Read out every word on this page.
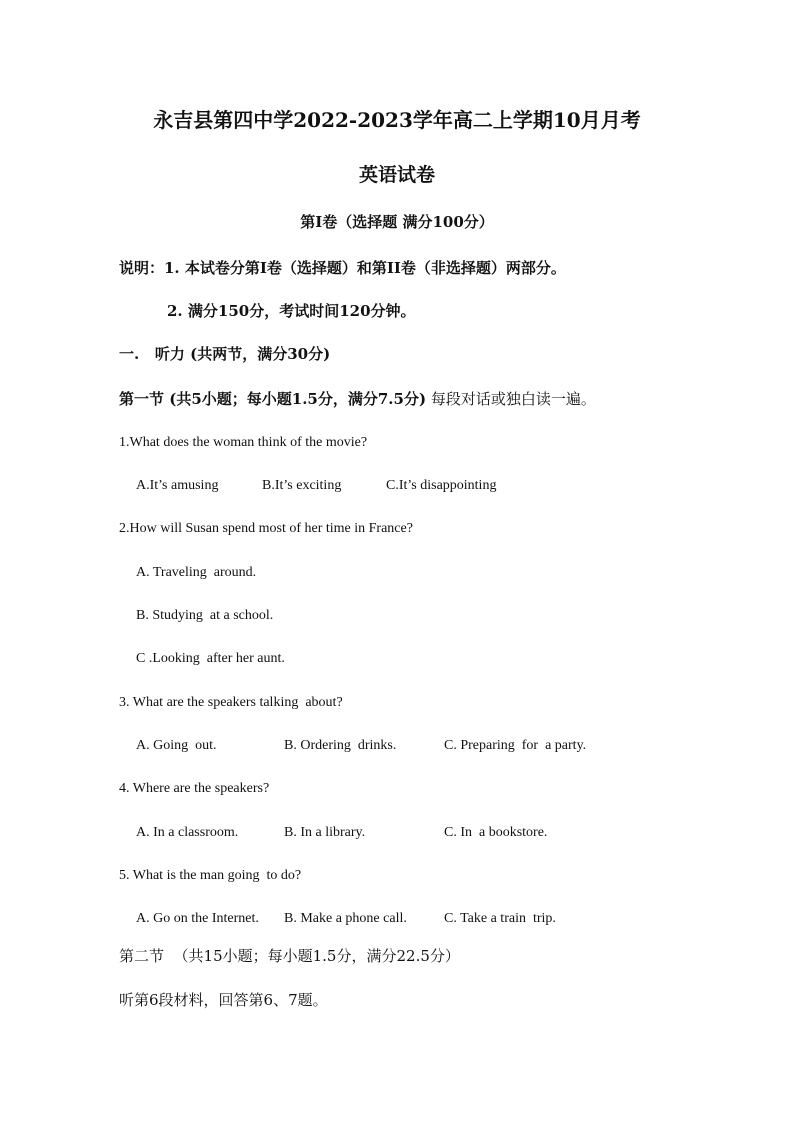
永吉县第四中学2022-2023学年高二上学期10月月考
英语试卷
第I卷（选择题 满分100分）
说明：1. 本试卷分第I卷（选择题）和第II卷（非选择题）两部分。
2. 满分150分，考试时间120分钟。
一.   听力 (共两节，满分30分)
第一节 (共5小题；每小题1.5分，满分7.5分) 每段对话或独白读一遍。
1.What does the woman think of the movie?
A.It’s amusing	B.It’s exciting	C.It’s disappointing
2.How will Susan spend most of her time in France?
A. Traveling  around.
B. Studying  at a school.
C .Looking  after her aunt.
3. What are the speakers talking  about?
A. Going  out.	B. Ordering  drinks.	C. Preparing  for  a party.
4. Where are the speakers?
A. In a classroom.	B. In a library.	C. In  a bookstore.
5. What is the man going  to do?
A. Go on the Internet. B. Make a phone call.	C. Take a train  trip.
第二节  （共15小题；每小题1.5分，满分22.5分）
听第6段材料，回答第6、7题。
